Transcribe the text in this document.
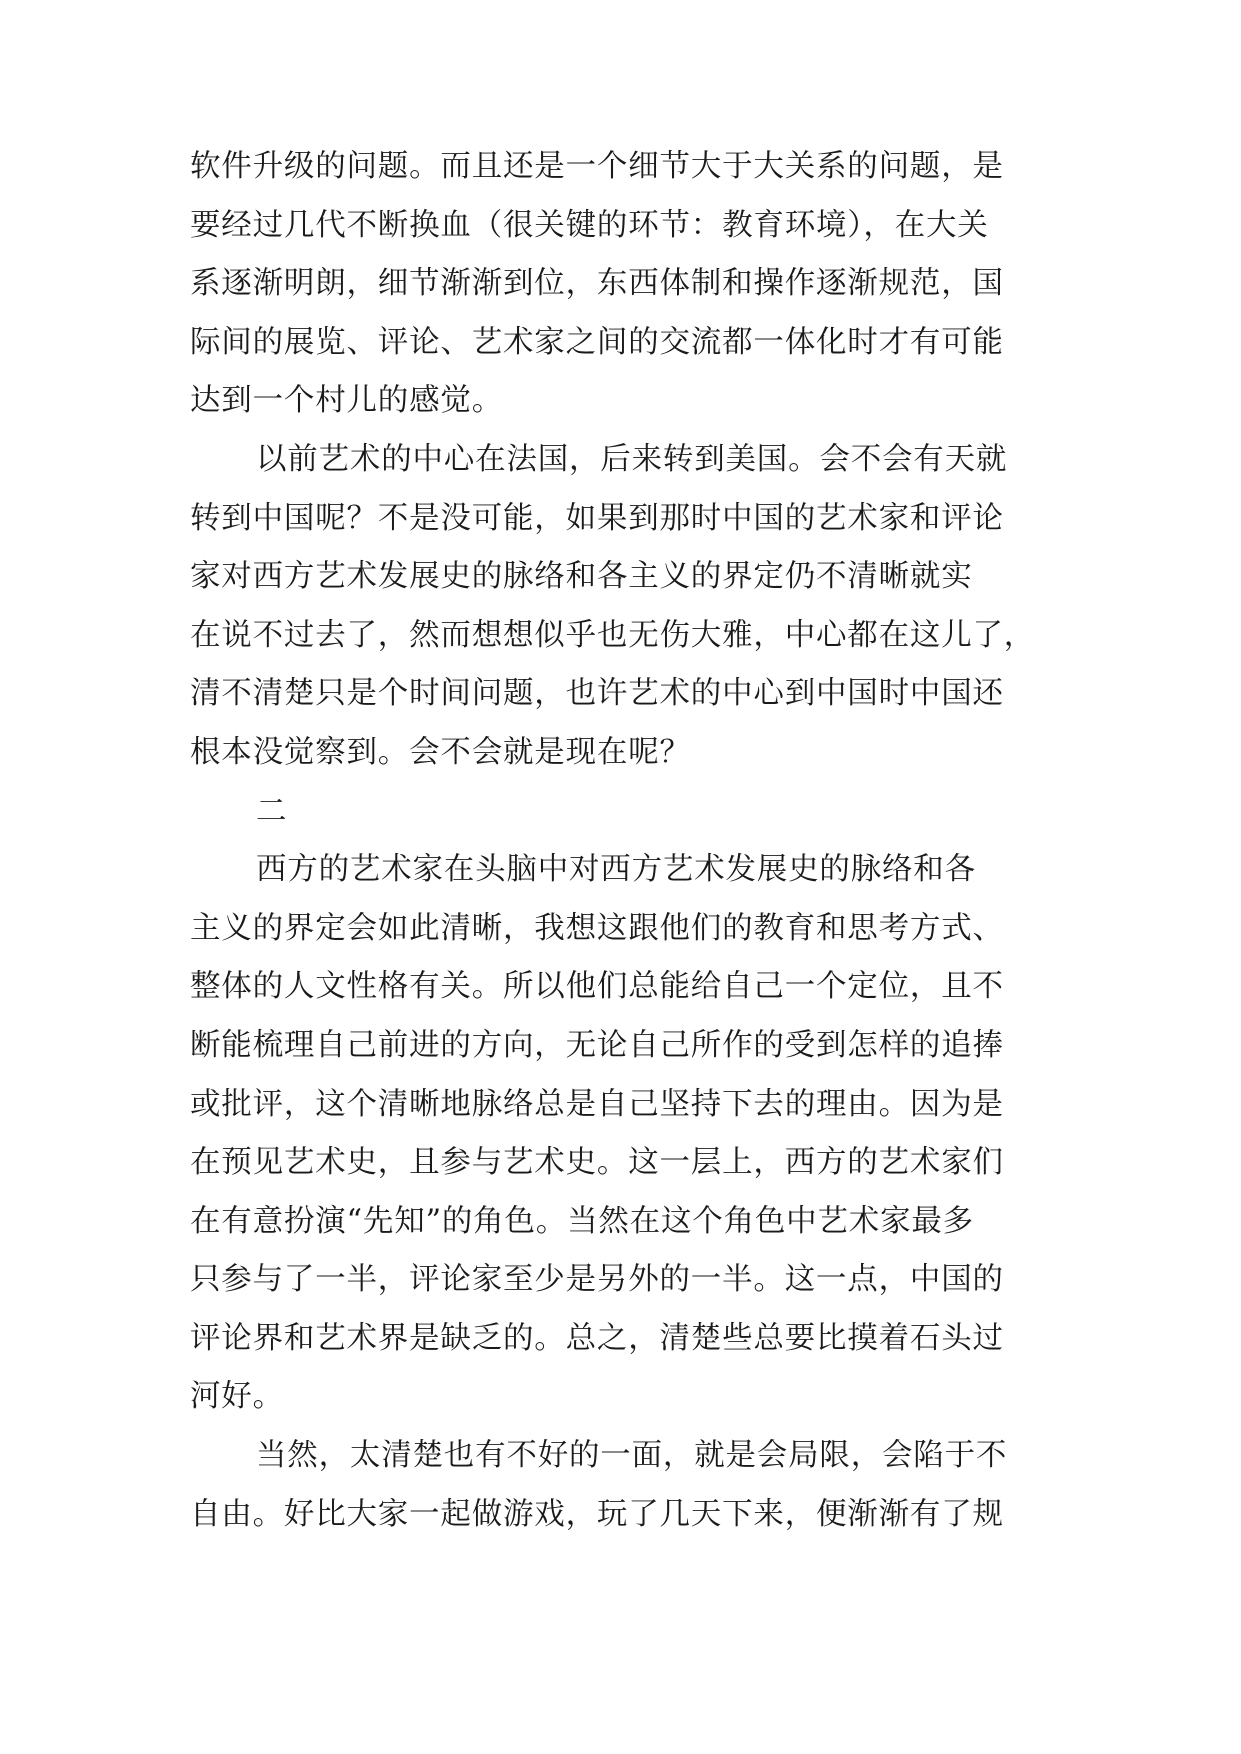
软件升级的问题。而且还是一个细节大于大关系的问题，是
要经过几代不断换血（很关键的环节：教育环境），在大关
系逐渐明朗，细节渐渐到位，东西体制和操作逐渐规范，国
际间的展览、评论、艺术家之间的交流都一体化时才有可能
达到一个村儿的感觉。
以前艺术的中心在法国，后来转到美国。会不会有天就
转到中国呢？不是没可能，如果到那时中国的艺术家和评论
家对西方艺术发展史的脉络和各主义的界定仍不清晰就实
在说不过去了，然而想想似乎也无伤大雅，中心都在这儿了，
清不清楚只是个时间问题，也许艺术的中心到中国时中国还
根本没觉察到。会不会就是现在呢？
二
西方的艺术家在头脑中对西方艺术发展史的脉络和各
主义的界定会如此清晰，我想这跟他们的教育和思考方式、
整体的人文性格有关。所以他们总能给自己一个定位，且不
断能梳理自己前进的方向，无论自己所作的受到怎样的追捧
或批评，这个清晰地脉络总是自己坚持下去的理由。因为是
在预见艺术史，且参与艺术史。这一层上，西方的艺术家们
在有意扮演“先知”的角色。当然在这个角色中艺术家最多
只参与了一半，评论家至少是另外的一半。这一点，中国的
评论界和艺术界是缺乏的。总之，清楚些总要比摸着石头过
河好。
当然，太清楚也有不好的一面，就是会局限，会陷于不
自由。好比大家一起做游戏，玩了几天下来，便渐渐有了规
